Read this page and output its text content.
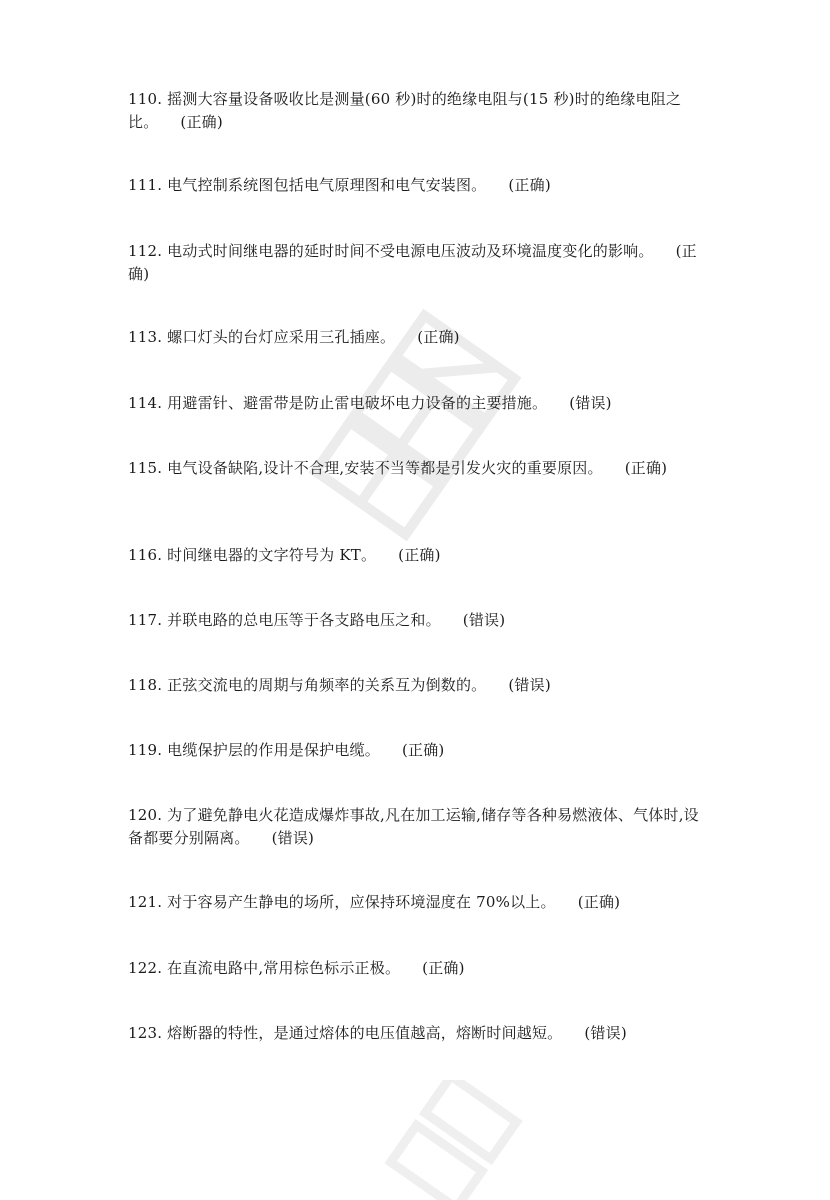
110. 摇测大容量设备吸收比是测量(60 秒)时的绝缘电阻与(15 秒)时的绝缘电阻之比。 (正确)
111. 电气控制系统图包括电气原理图和电气安装图。 (正确)
112. 电动式时间继电器的延时时间不受电源电压波动及环境温度变化的影响。 (正确)
113. 螺口灯头的台灯应采用三孔插座。 (正确)
114. 用避雷针、避雷带是防止雷电破坏电力设备的主要措施。 (错误)
115. 电气设备缺陷,设计不合理,安装不当等都是引发火灾的重要原因。 (正确)
116. 时间继电器的文字符号为 KT。 (正确)
117. 并联电路的总电压等于各支路电压之和。 (错误)
118. 正弦交流电的周期与角频率的关系互为倒数的。 (错误)
119. 电缆保护层的作用是保护电缆。 (正确)
120. 为了避免静电火花造成爆炸事故,凡在加工运输,储存等各种易燃液体、气体时,设备都要分别隔离。 (错误)
121. 对于容易产生静电的场所，应保持环境湿度在 70%以上。 (正确)
122. 在直流电路中,常用棕色标示正极。 (正确)
123. 熔断器的特性，是通过熔体的电压值越高，熔断时间越短。 (错误)
